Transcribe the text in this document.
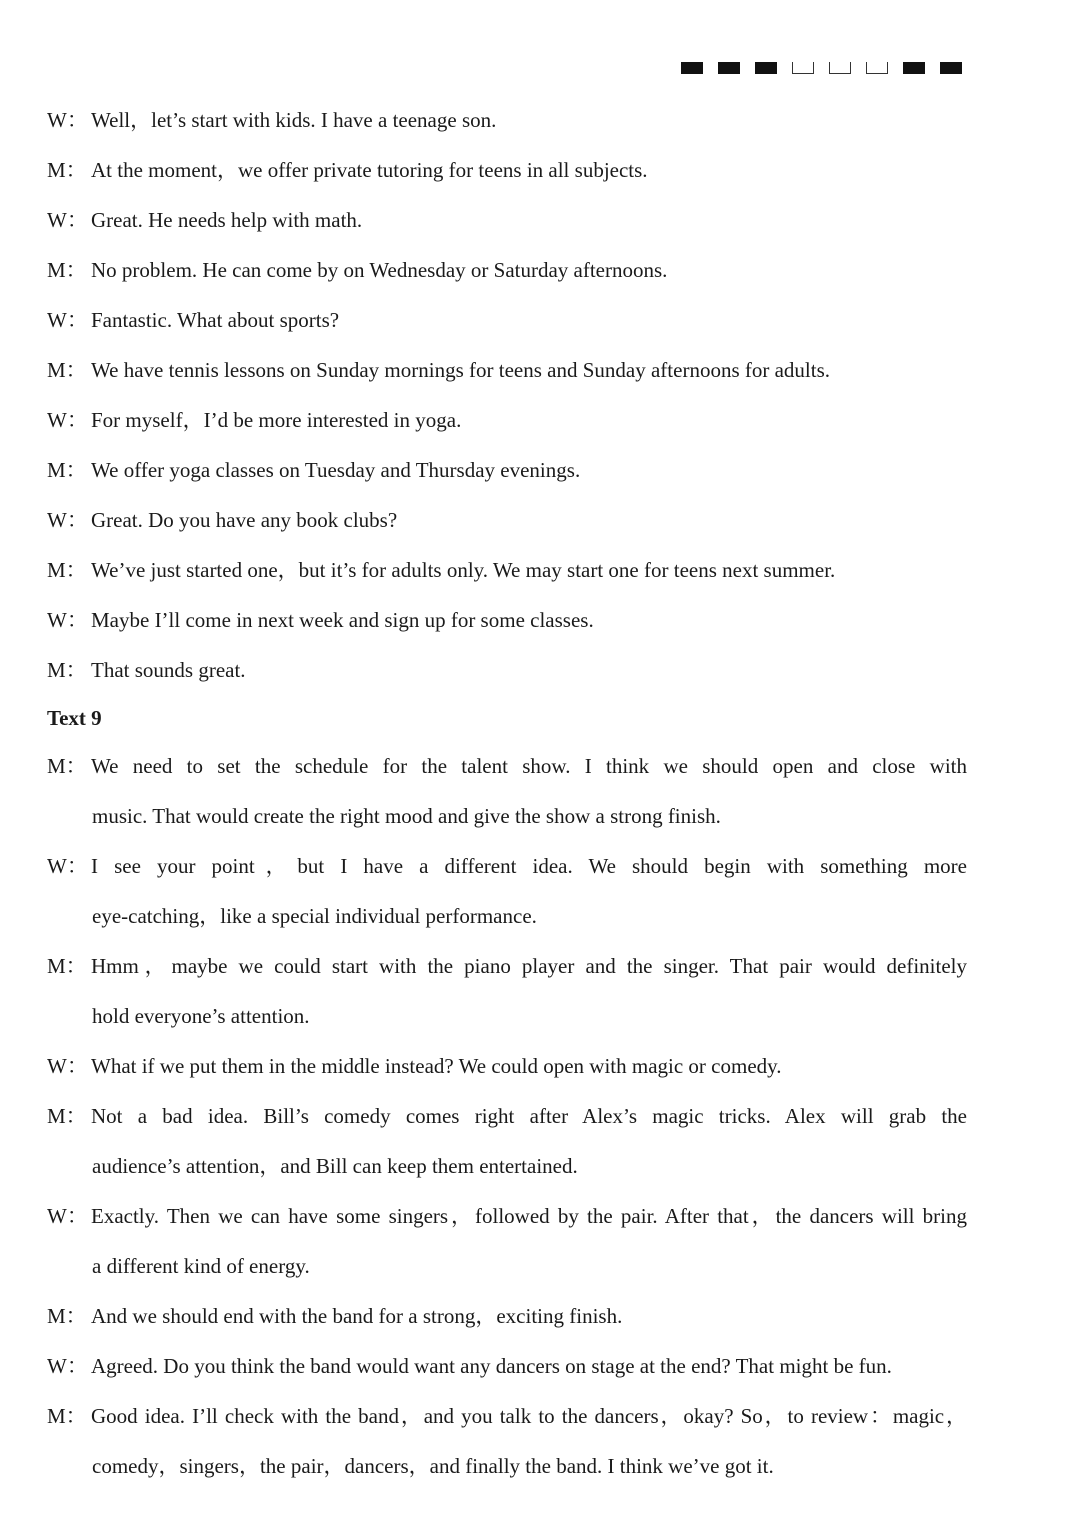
W： Well，let’s start with kids. I have a teenage son.
M： At the moment，we offer private tutoring for teens in all subjects.
W： Great. He needs help with math.
M： No problem. He can come by on Wednesday or Saturday afternoons.
W： Fantastic. What about sports?
M： We have tennis lessons on Sunday mornings for teens and Sunday afternoons for adults.
W： For myself，I’d be more interested in yoga.
M： We offer yoga classes on Tuesday and Thursday evenings.
W： Great. Do you have any book clubs?
M： We’ve just started one，but it’s for adults only. We may start one for teens next summer.
W： Maybe I’ll come in next week and sign up for some classes.
M： That sounds great.
Text 9
M： We need to set the schedule for the talent show. I think we should open and close with
music. That would create the right mood and give the show a strong finish.
W： I see your point，but I have a different idea. We should begin with something more
eye-catching，like a special individual performance.
M： Hmm，maybe we could start with the piano player and the singer. That pair would definitely
hold everyone’s attention.
W： What if we put them in the middle instead? We could open with magic or comedy.
M： Not a bad idea. Bill’s comedy comes right after Alex’s magic tricks. Alex will grab the
audience’s attention，and Bill can keep them entertained.
W： Exactly. Then we can have some singers，followed by the pair. After that，the dancers will bring
a different kind of energy.
M： And we should end with the band for a strong，exciting finish.
W： Agreed. Do you think the band would want any dancers on stage at the end? That might be fun.
M： Good idea. I’ll check with the band，and you talk to the dancers，okay? So，to review：magic，
comedy，singers，the pair，dancers，and finally the band. I think we’ve got it.
